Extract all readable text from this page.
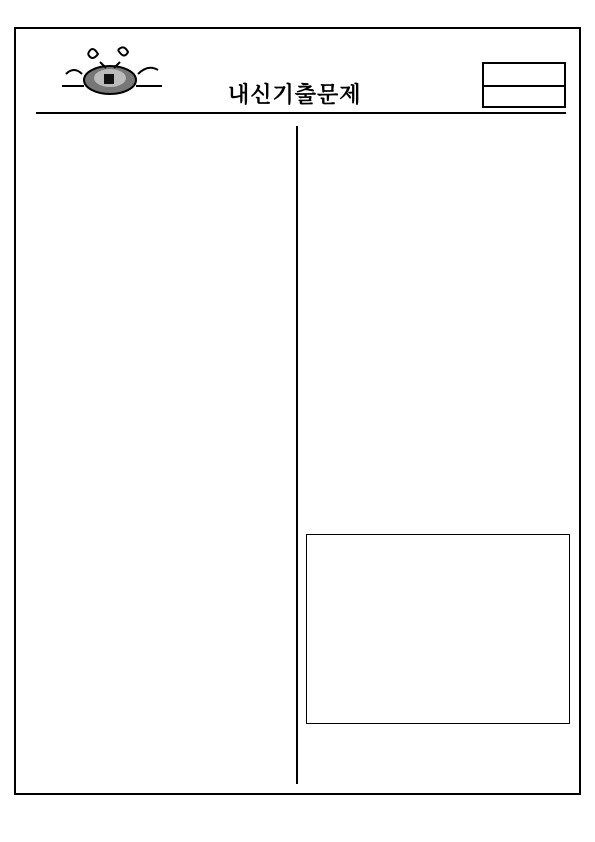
내신기출문제
